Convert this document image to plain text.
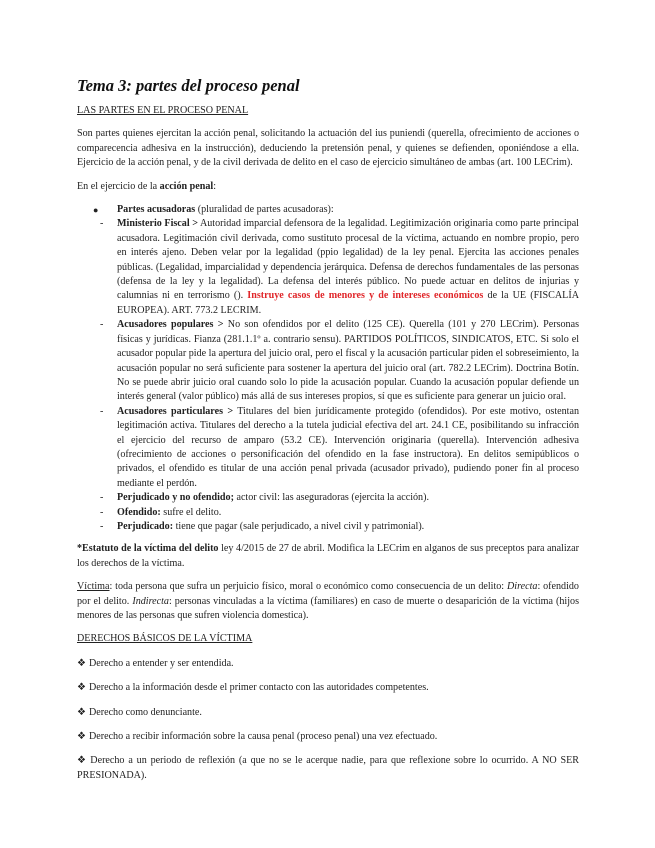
Tema 3: partes del proceso penal

LAS PARTES EN EL PROCESO PENAL

Son partes quienes ejercitan la acción penal, solicitando la actuación del ius puniendi (querella, ofrecimiento de acciones o comparecencia adhesiva en la instrucción), deduciendo la pretensión penal, y quienes se defienden, oponiéndose a ella. Ejercicio de la acción penal, y de la civil derivada de delito en el caso de ejercicio simultáneo de ambas (art. 100 LECrim).

En el ejercicio de la acción penal:

● Partes acusadoras (pluralidad de partes acusadoras):
- Ministerio Fiscal > Autoridad imparcial defensora de la legalidad. Legitimización originaria como parte principal acusadora. Legitimación civil derivada, como sustituto procesal de la víctima, actuando en nombre propio, pero en interés ajeno. Deben velar por la legalidad (ppio legalidad) de la ley penal. Ejercita las acciones penales públicas. (Legalidad, imparcialidad y dependencia jerárquica. Defensa de derechos fundamentales de las personas (defensa de la ley y la legalidad). La defensa del interés público. No puede actuar en delitos de injurias y calumnias ni en terrorismo (). Instruye casos de menores y de intereses económicos de la UE (FISCALÍA EUROPEA). ART. 773.2 LECRIM.
- Acusadores populares > No son ofendidos por el delito (125 CE). Querella (101 y 270 LECrim). Personas físicas y jurídicas. Fianza (281.1.1º a. contrario sensu). PARTIDOS POLÍTICOS, SINDICATOS, ETC. Si solo el acusador popular pide la apertura del juicio oral, pero el fiscal y la acusación particular piden el sobreseimiento, la acusación popular no será suficiente para sostener la apertura del juicio oral (art. 782.2 LECrim). Doctrina Botín. No se puede abrir juicio oral cuando solo lo pide la acusación popular. Cuando la acusación popular defiende un interés general (valor público) más allá de sus intereses propios, sí que es suficiente para generar un juicio oral.
- Acusadores particulares > Titulares del bien jurídicamente protegido (ofendidos). Por este motivo, ostentan legitimación activa. Titulares del derecho a la tutela judicial efectiva del art. 24.1 CE, posibilitando su infracción el ejercicio del recurso de amparo (53.2 CE). Intervención originaria (querella). Intervención adhesiva (ofrecimiento de acciones o personificación del ofendido en la fase instructora). En delitos semipúblicos o privados, el ofendido es titular de una acción penal privada (acusador privado), pudiendo poner fin al proceso mediante el perdón.
- Perjudicado y no ofendido; actor civil: las aseguradoras (ejercita la acción).
- Ofendido: sufre el delito.
- Perjudicado: tiene que pagar (sale perjudicado, a nivel civil y patrimonial).

*Estatuto de la víctima del delito ley 4/2015 de 27 de abril. Modifica la LECrim en alganos de sus preceptos para analizar los derechos de la víctima.

Víctima: toda persona que sufra un perjuicio físico, moral o económico como consecuencia de un delito: Directa: ofendido por el delito. Indirecta: personas vinculadas a la víctima (familiares) en caso de muerte o desaparición de la víctima (hijos menores de las personas que sufren violencia domestica).

DERECHOS BÁSICOS DE LA VÍCTIMA

❖ Derecho a entender y ser entendida.

❖ Derecho a la información desde el primer contacto con las autoridades competentes.

❖ Derecho como denunciante.

❖ Derecho a recibir información sobre la causa penal (proceso penal) una vez efectuado.

❖ Derecho a un periodo de reflexión (a que no se le acerque nadie, para que reflexione sobre lo ocurrido. A NO SER PRESIONADA).
